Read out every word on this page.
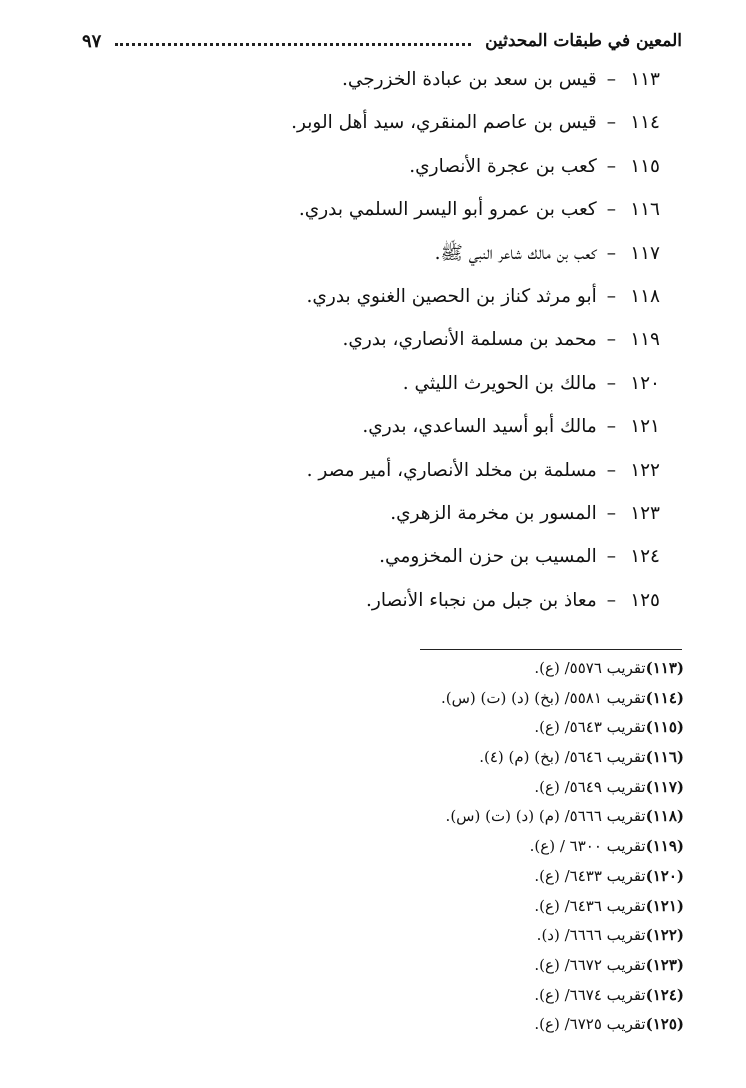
المعين في طبقات المحدثين
٩٧
١١٣–قيس بن سعد بن عبادة الخزرجي.
١١٤–قيس بن عاصم المنقري، سيد أهل الوبر.
١١٥–كعب بن عجرة الأنصاري.
١١٦–كعب بن عمرو أبو اليسر السلمي بدري.
١١٧–كعب بن مالك شاعر النبي ﷺ.
١١٨–أبو مرثد كناز بن الحصين الغنوي بدري.
١١٩–محمد بن مسلمة الأنصاري، بدري.
١٢٠–مالك بن الحويرث الليثي .
١٢١–مالك أبو أسيد الساعدي، بدري.
١٢٢–مسلمة بن مخلد الأنصاري، أمير مصر .
١٢٣–المسور بن مخرمة الزهري.
١٢٤–المسيب بن حزن المخزومي.
١٢٥–معاذ بن جبل من نجباء الأنصار.
(١١٣)تقريب ٥٥٧٦/ (ع).
(١١٤)تقريب ٥٥٨١/ (بخ) (د) (ت) (س).
(١١٥)تقريب ٥٦٤٣/ (ع).
(١١٦)تقريب ٥٦٤٦/ (بخ) (م) (٤).
(١١٧)تقريب ٥٦٤٩/ (ع).
(١١٨)تقريب ٥٦٦٦/ (م) (د) (ت) (س).
(١١٩)تقريب ٦٣٠٠ / (ع).
(١٢٠)تقريب ٦٤٣٣/ (ع).
(١٢١)تقريب ٦٤٣٦/ (ع).
(١٢٢)تقريب ٦٦٦٦/ (د).
(١٢٣)تقريب ٦٦٧٢/ (ع).
(١٢٤)تقريب ٦٦٧٤/ (ع).
(١٢٥)تقريب ٦٧٢٥/ (ع).
